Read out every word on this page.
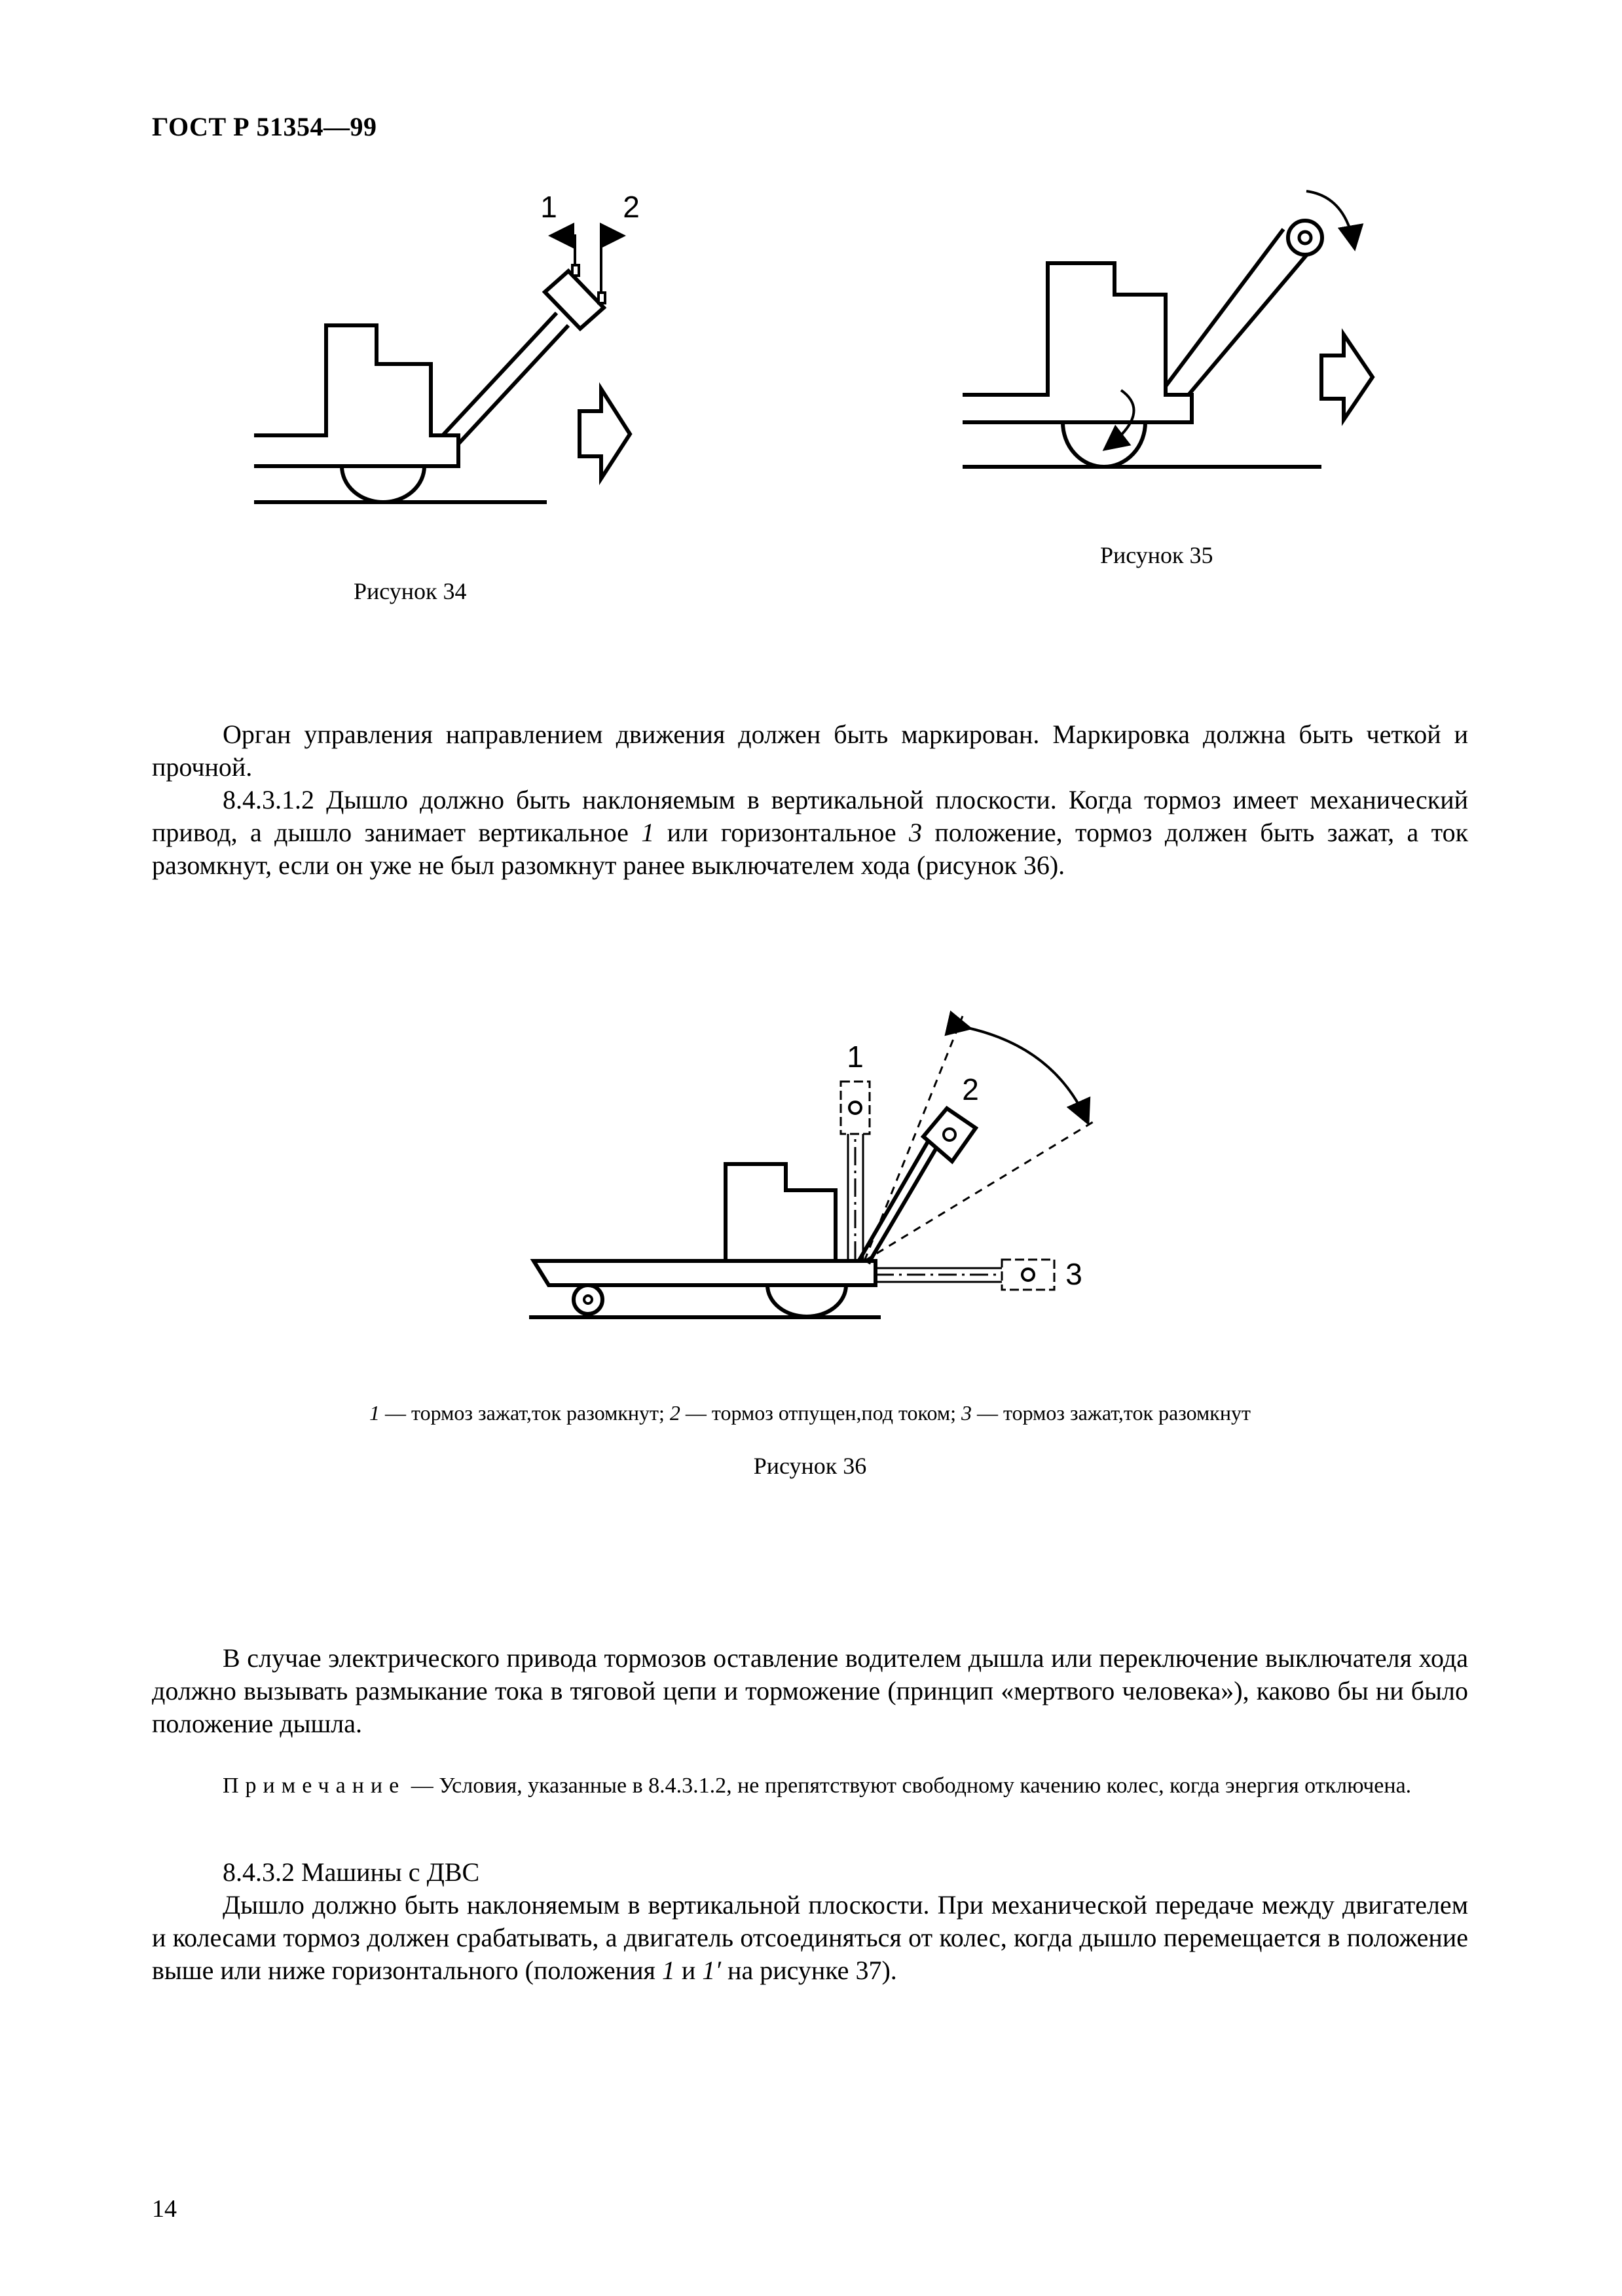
ГОСТ Р 51354—99
1 2
1
2
3
Рисунок 34
Рисунок 35

Орган управления направлением движения должен быть маркирован. Маркировка должна быть четкой и прочной.

8.4.3.1.2 Дышло должно быть наклоняемым в вертикальной плоскости. Когда тормоз имеет механический привод, а дышло занимает вертикальное 1 или горизонтальное 3 положение, тормоз должен быть зажат, а ток разомкнут, если он уже не был разомкнут ранее выключателем хода (рисунок 36).

1 — тормоз зажат,ток разомкнут; 2 — тормоз отпущен,под током; 3 — тормоз зажат,ток разомкнут
Рисунок 36

В случае электрического привода тормозов оставление водителем дышла или переключение выключателя хода должно вызывать размыкание тока в тяговой цепи и торможение (принцип «мертвого человека»), каково бы ни было положение дышла.

Примечание — Условия, указанные в 8.4.3.1.2, не препятствуют свободному качению колес, когда энергия отключена.

8.4.3.2 Машины с ДВС

Дышло должно быть наклоняемым в вертикальной плоскости. При механической передаче между двигателем и колесами тормоз должен срабатывать, а двигатель отсоединяться от колес, когда дышло перемещается в положение выше или ниже горизонтального (положения 1 и 1′ на рисунке 37).

14
